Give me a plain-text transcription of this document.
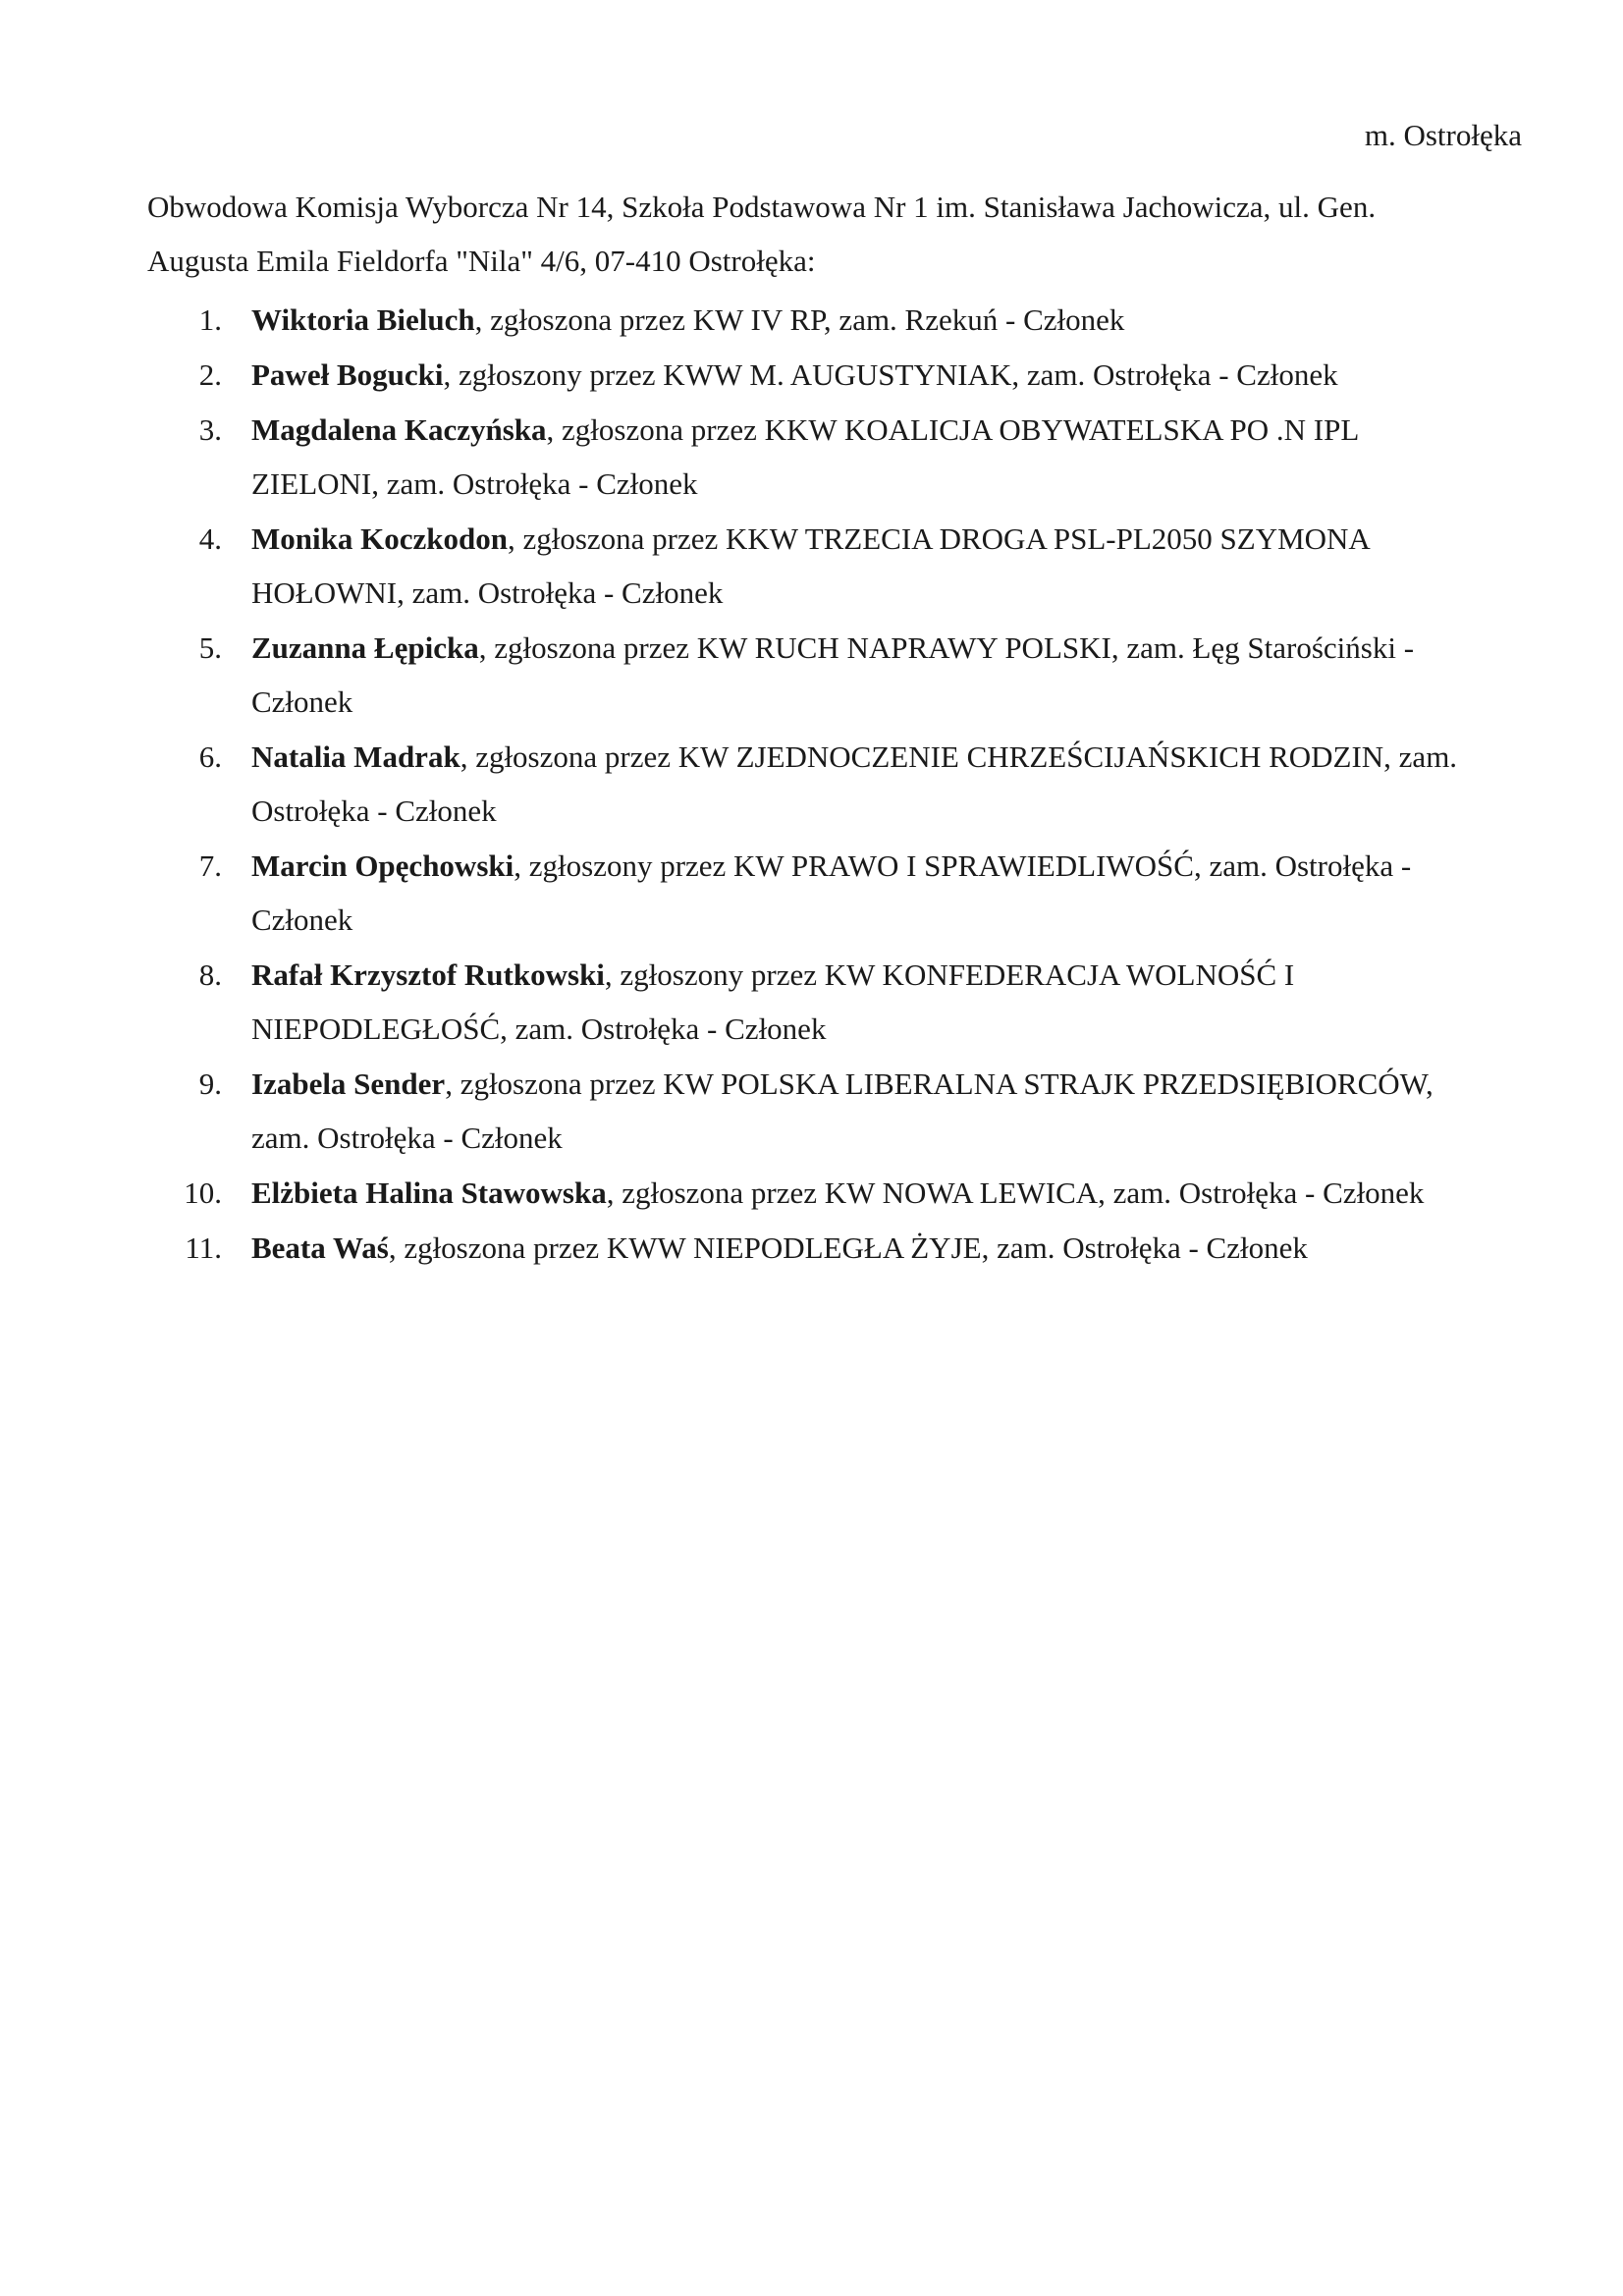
m. Ostrołęka
Obwodowa Komisja Wyborcza Nr 14, Szkoła Podstawowa Nr 1 im. Stanisława Jachowicza, ul. Gen. Augusta Emila Fieldorfa "Nila" 4/6, 07-410 Ostrołęka:
1. Wiktoria Bieluch, zgłoszona przez KW IV RP, zam. Rzekuń - Członek
2. Paweł Bogucki, zgłoszony przez KWW M. AUGUSTYNIAK, zam. Ostrołęka - Członek
3. Magdalena Kaczyńska, zgłoszona przez KKW KOALICJA OBYWATELSKA PO .N IPL ZIELONI, zam. Ostrołęka - Członek
4. Monika Koczkodon, zgłoszona przez KKW TRZECIA DROGA PSL-PL2050 SZYMONA HOŁOWNI, zam. Ostrołęka - Członek
5. Zuzanna Łępicka, zgłoszona przez KW RUCH NAPRAWY POLSKI, zam. Łęg Starościński - Członek
6. Natalia Madrak, zgłoszona przez KW ZJEDNOCZENIE CHRZEŚCIJAŃSKICH RODZIN, zam. Ostrołęka - Członek
7. Marcin Opęchowski, zgłoszony przez KW PRAWO I SPRAWIEDLIWOŚĆ, zam. Ostrołęka - Członek
8. Rafał Krzysztof Rutkowski, zgłoszony przez KW KONFEDERACJA WOLNOŚĆ I NIEPODLEGŁOŚĆ, zam. Ostrołęka - Członek
9. Izabela Sender, zgłoszona przez KW POLSKA LIBERALNA STRAJK PRZEDSIĘBIORCÓW, zam. Ostrołęka - Członek
10. Elżbieta Halina Stawowska, zgłoszona przez KW NOWA LEWICA, zam. Ostrołęka - Członek
11. Beata Waś, zgłoszona przez KWW NIEPODLEGŁA ŻYJE, zam. Ostrołęka - Członek
